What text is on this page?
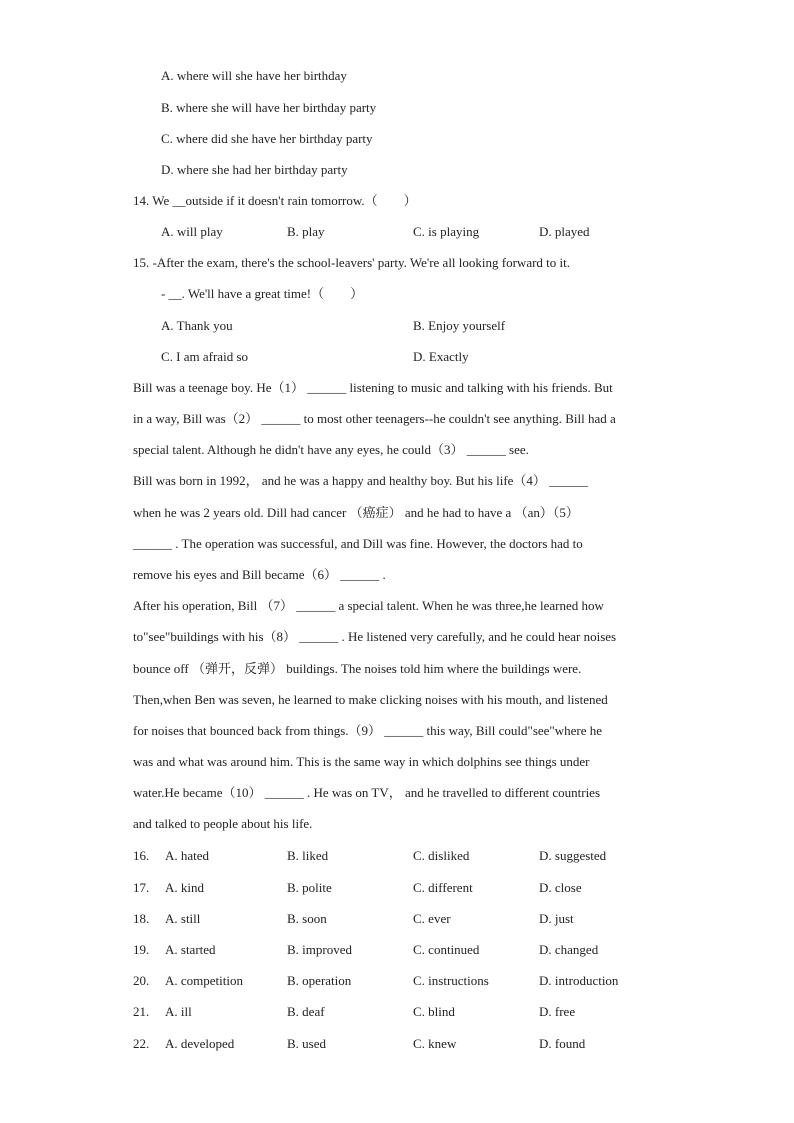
A. where will she have her birthday
B. where she will have her birthday party
C. where did she have her birthday party
D. where she had her birthday party
14. We __outside if it doesn't rain tomorrow.（　　）
A. will play	B. play	C. is playing	D. played
15. -After the exam, there's the school-leavers' party. We're all looking forward to it.
- __. We'll have a great time!（　　）
A. Thank you	B. Enjoy yourself
C. I am afraid so	D. Exactly
Bill was a teenage boy. He（1） ______ listening to music and talking with his friends. But
in a way, Bill was（2） ______ to most other teenagers--he couldn't see anything. Bill had a
special talent. Although he didn't have any eyes, he could（3） ______ see.
Bill was born in 1992， and he was a happy and healthy boy. But his life（4） ______
when he was 2 years old. Dill had cancer （癌症） and he had to have a （an）（5）
______ . The operation was successful, and Dill was fine. However, the doctors had to
remove his eyes and Bill became（6） ______ .
After his operation, Bill （7） ______ a special talent. When he was three,he learned how
to"see"buildings with his（8） ______ . He listened very carefully, and he could hear noises
bounce off （弹开，反弹） buildings. The noises told him where the buildings were.
Then,when Ben was seven, he learned to make clicking noises with his mouth, and listened
for noises that bounced back from things.（9） ______ this way, Bill could"see"where he
was and what was around him. This is the same way in which dolphins see things under
water.He became（10） ______ . He was on TV， and he travelled to different countries
and talked to people about his life.
16. A. hated	B. liked	C. disliked	D. suggested
17. A. kind	B. polite	C. different	D. close
18. A. still	B. soon	C. ever	D. just
19. A. started	B. improved	C. continued	D. changed
20. A. competition	B. operation	C. instructions	D. introduction
21. A. ill	B. deaf	C. blind	D. free
22. A. developed	B. used	C. knew	D. found
